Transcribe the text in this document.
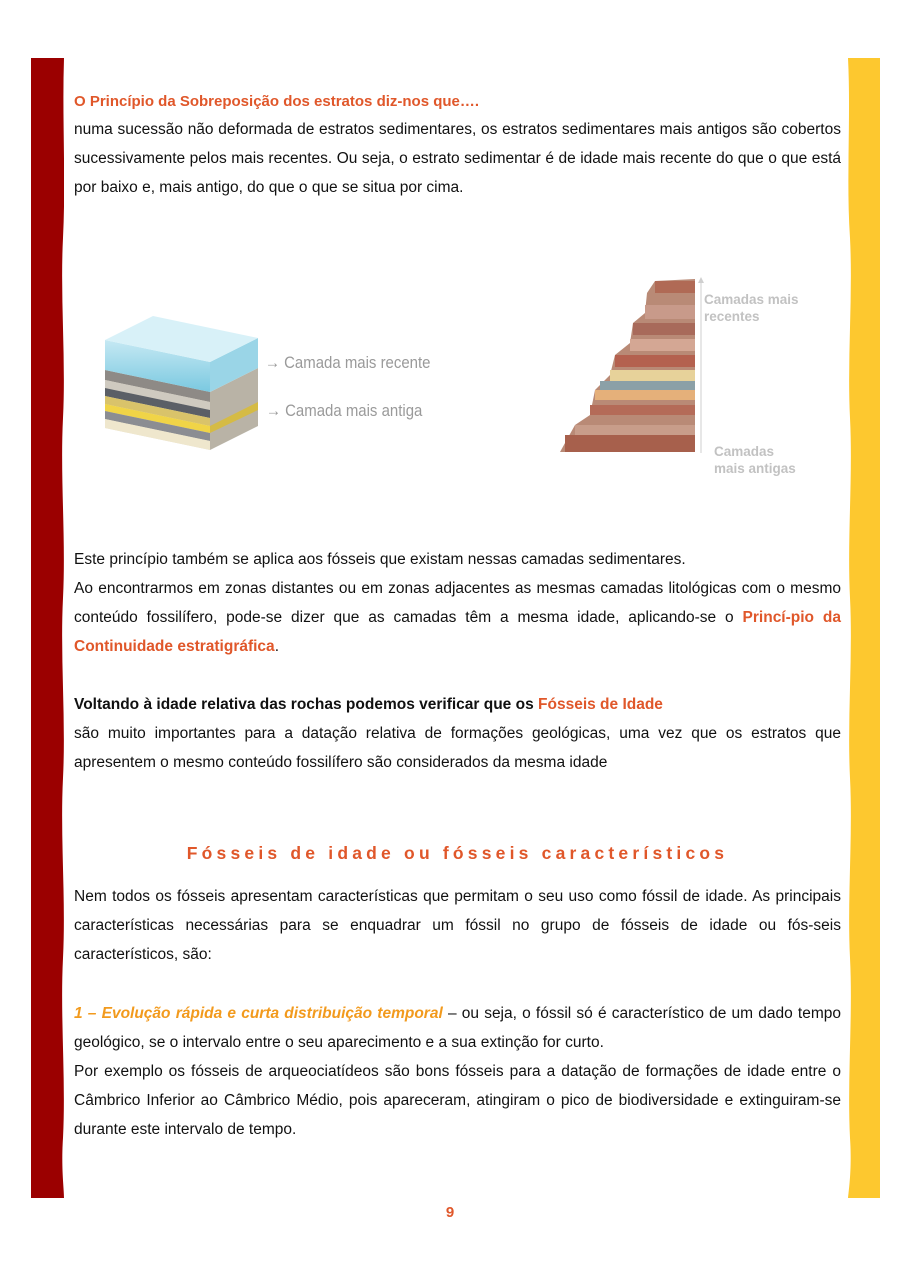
O Princípio da Sobreposição dos estratos diz-nos que….

numa sucessão não deformada de estratos sedimentares, os estratos sedimentares mais antigos são cobertos sucessivamente pelos mais recentes. Ou seja, o estrato sedimentar é de idade mais recente do que o que está por baixo e, mais antigo, do que o que se situa por cima.

→ Camada mais recente
→ Camada mais antiga
Camadas mais
recentes
Camadas
mais antigas

Este princípio também se aplica aos fósseis que existam nessas camadas sedimentares.

Ao encontrarmos em zonas distantes ou em zonas adjacentes as mesmas camadas litológicas com o mesmo conteúdo fossilífero, pode-se dizer que as camadas têm a mesma idade, aplicando-se o Princí-pio da Continuidade estratigráfica.

Voltando à idade relativa das rochas podemos verificar que os Fósseis de Idade

são muito importantes para a datação relativa de formações geológicas, uma vez que os estratos que apresentem o mesmo conteúdo fossilífero são considerados da mesma idade

Fósseis de idade ou fósseis característicos

Nem todos os fósseis apresentam características que permitam o seu uso como fóssil de idade. As principais características necessárias para se enquadrar um fóssil no grupo de fósseis de idade ou fós-seis característicos, são:

1 – Evolução rápida e curta distribuição temporal – ou seja, o fóssil só é característico de um dado tempo geológico, se o intervalo entre o seu aparecimento e a sua extinção for curto.

Por exemplo os fósseis de arqueociatídeos são bons fósseis para a datação de formações de idade entre o Câmbrico Inferior ao Câmbrico Médio, pois apareceram, atingiram o pico de biodiversidade e extinguiram-se durante este intervalo de tempo.

9
